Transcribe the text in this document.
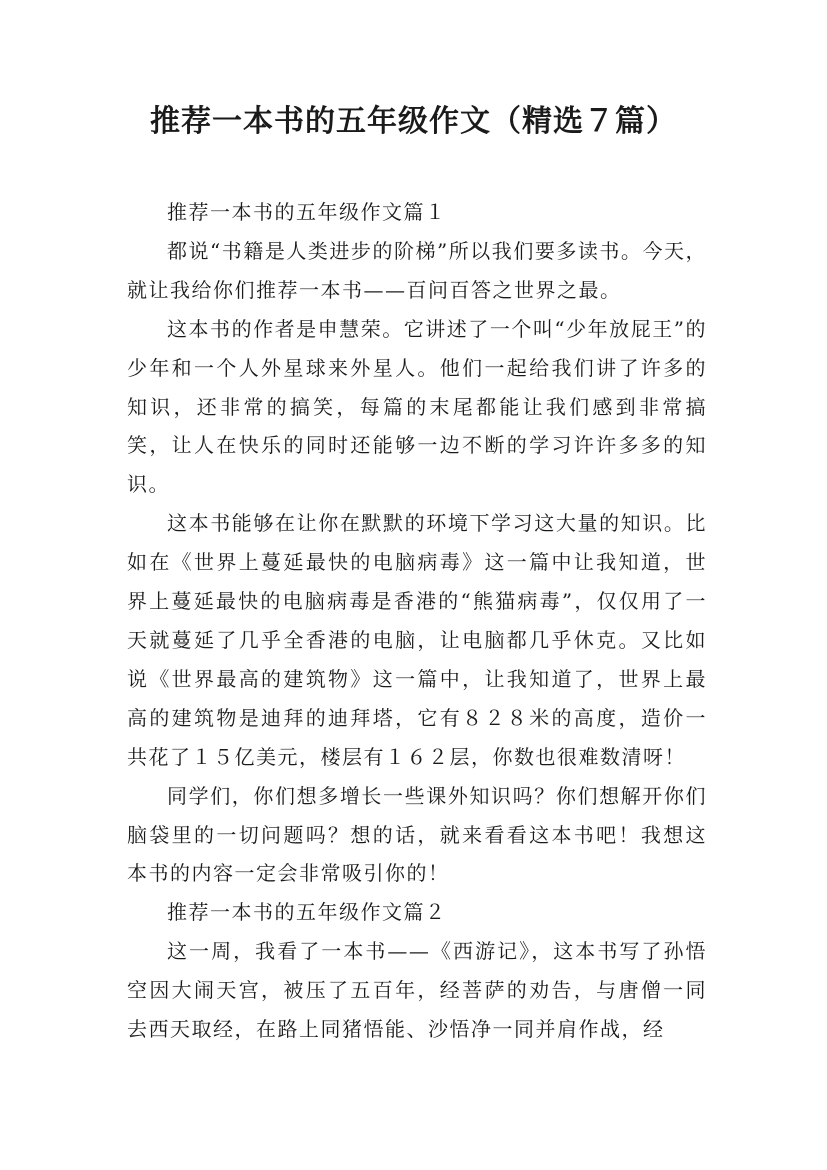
推荐一本书的五年级作文（精选７篇）

推荐一本书的五年级作文篇１

都说“书籍是人类进步的阶梯”所以我们要多读书。今天，就让我给你们推荐一本书——百问百答之世界之最。

这本书的作者是申慧荣。它讲述了一个叫“少年放屁王”的少年和一个人外星球来外星人。他们一起给我们讲了许多的知识，还非常的搞笑，每篇的末尾都能让我们感到非常搞笑，让人在快乐的同时还能够一边不断的学习许许多多的知识。

这本书能够在让你在默默的环境下学习这大量的知识。比如在《世界上蔓延最快的电脑病毒》这一篇中让我知道，世界上蔓延最快的电脑病毒是香港的“熊猫病毒”，仅仅用了一天就蔓延了几乎全香港的电脑，让电脑都几乎休克。又比如说《世界最高的建筑物》这一篇中，让我知道了，世界上最高的建筑物是迪拜的迪拜塔，它有８２８米的高度，造价一共花了１５亿美元，楼层有１６２层，你数也很难数清呀！

同学们，你们想多增长一些课外知识吗？你们想解开你们脑袋里的一切问题吗？想的话，就来看看这本书吧！我想这本书的内容一定会非常吸引你的！

推荐一本书的五年级作文篇２

这一周，我看了一本书——《西游记》，这本书写了孙悟空因大闹天宫，被压了五百年，经菩萨的劝告，与唐僧一同去西天取经，在路上同猪悟能、沙悟净一同并肩作战，经
